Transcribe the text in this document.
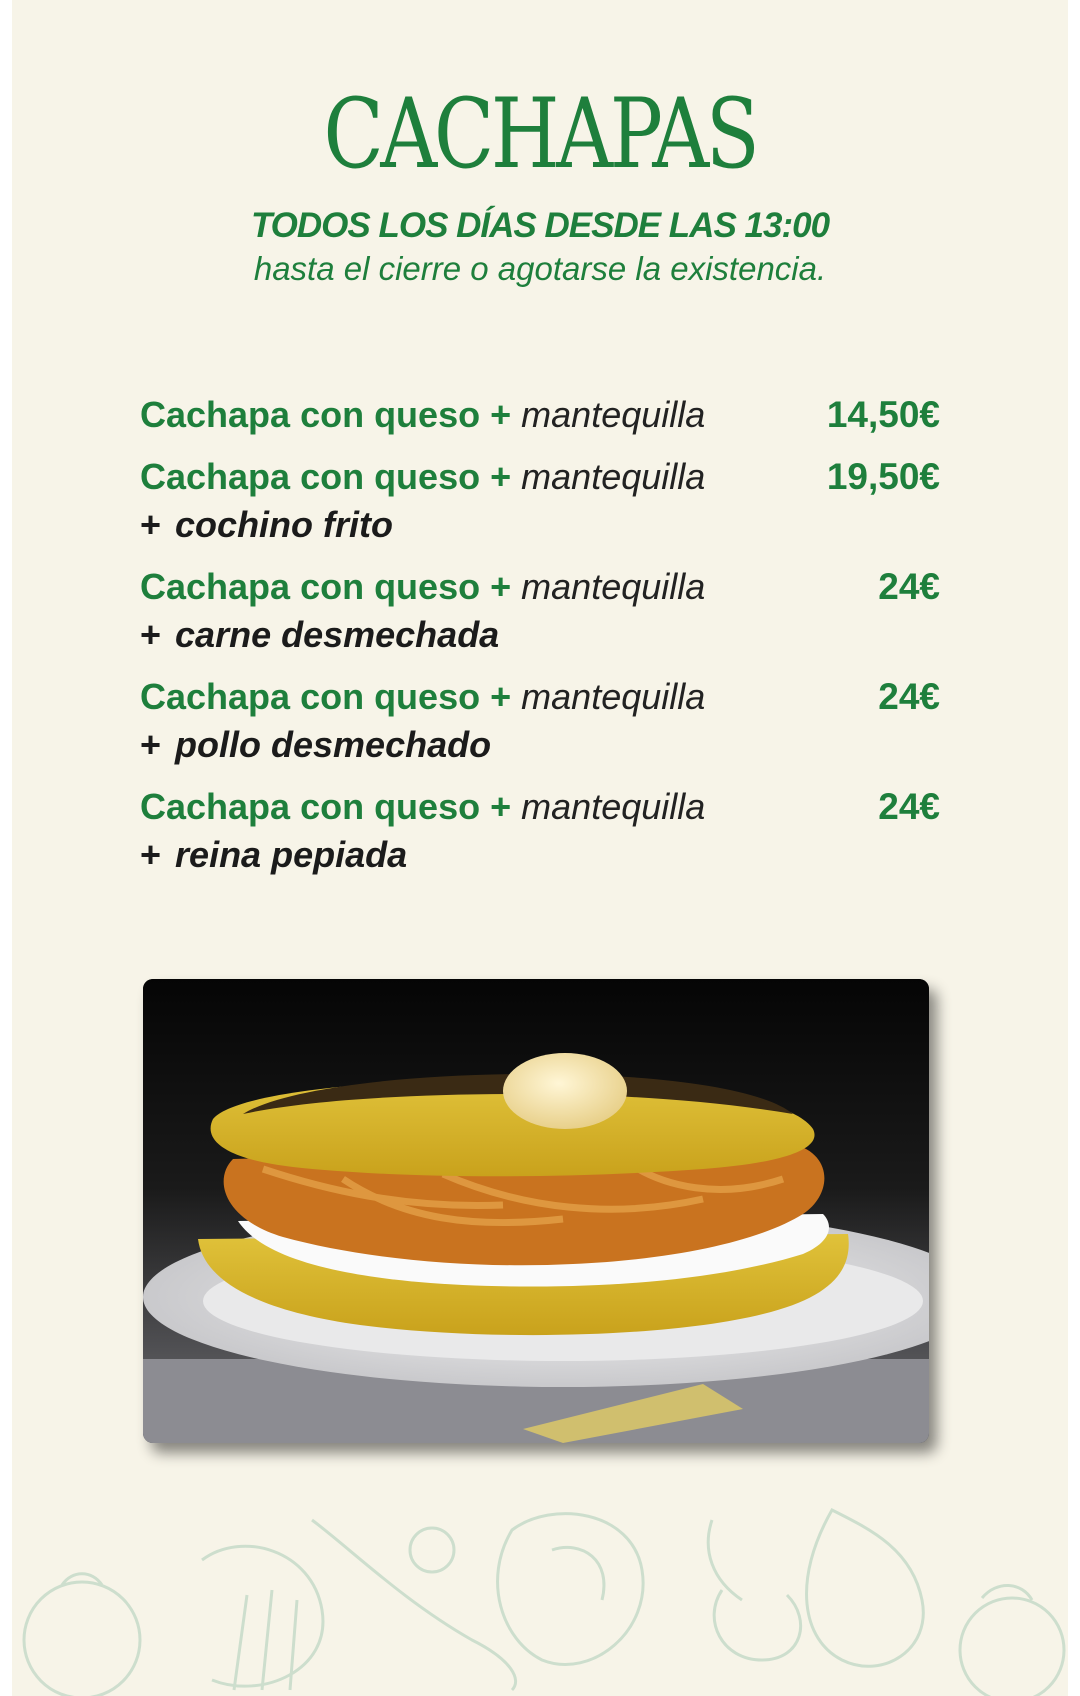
CACHAPAS
TODOS LOS DÍAS DESDE LAS 13:00
hasta el cierre o agotarse la existencia.
Cachapa con queso + mantequilla	14,50€
Cachapa con queso + mantequilla	19,50€
+ cochino frito
Cachapa con queso + mantequilla	24€
+ carne desmechada
Cachapa con queso + mantequilla	24€
+ pollo desmechado
Cachapa con queso + mantequilla	24€
+ reina pepiada
